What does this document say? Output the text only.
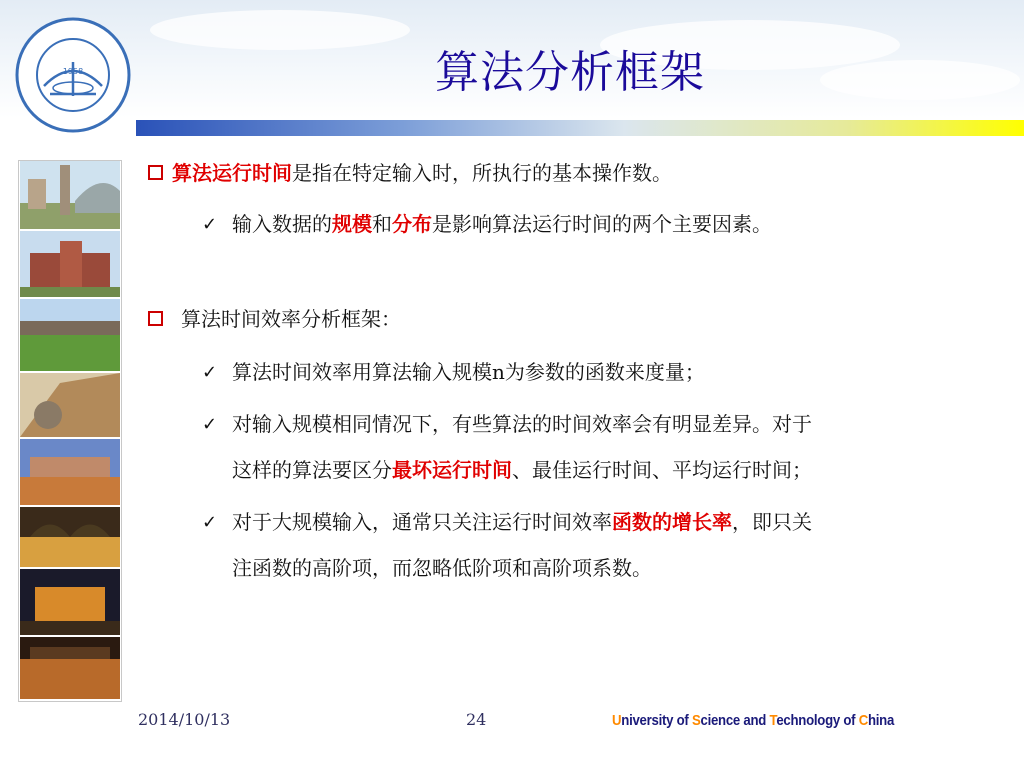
1958	算法分析框架
算法运行时间是指在特定输入时，所执行的基本操作数。
✓ 输入数据的规模和分布是影响算法运行时间的两个主要因素。
算法时间效率分析框架：
✓ 算法时间效率用算法输入规模n为参数的函数来度量；
✓ 对输入规模相同情况下，有些算法的时间效率会有明显差异。对于
这样的算法要区分最坏运行时间、最佳运行时间、平均运行时间；
✓ 对于大规模输入，通常只关注运行时间效率函数的增长率，即只关
注函数的高阶项，而忽略低阶项和高阶项系数。
2014/10/13	24	University of Science and Technology of China
